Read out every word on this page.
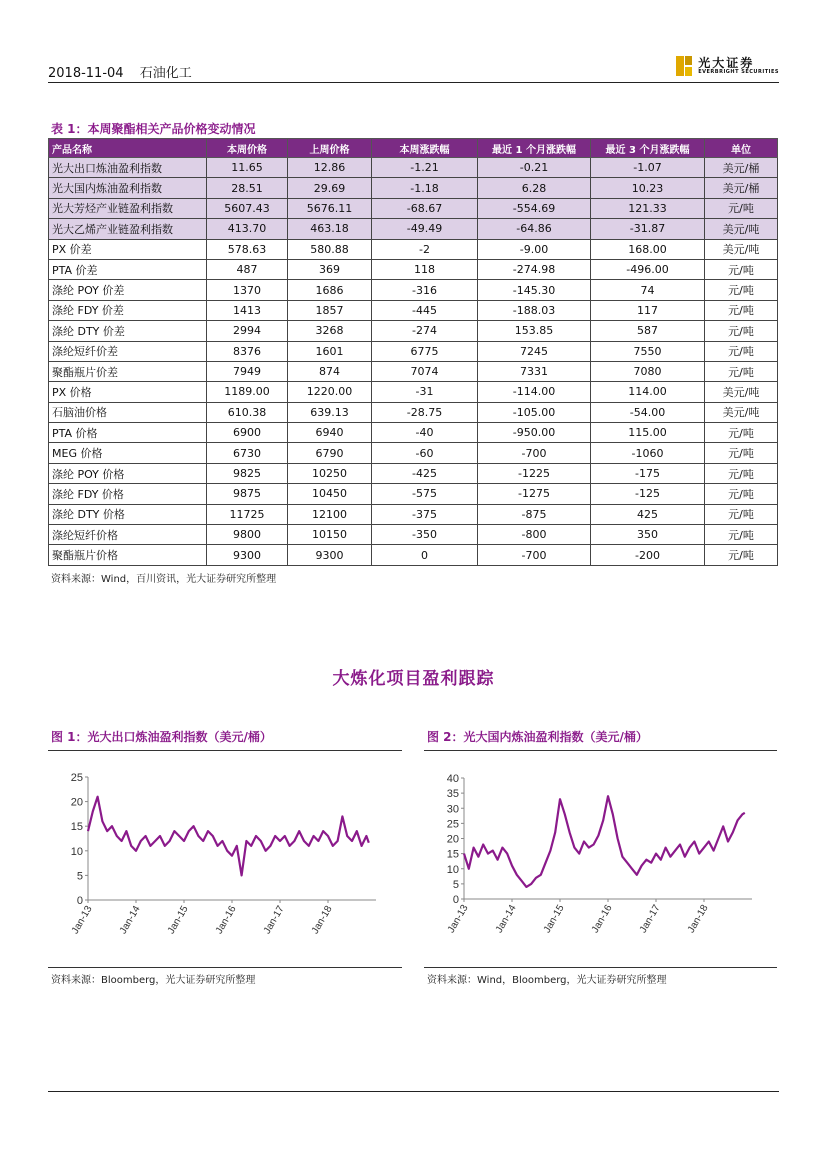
2018-11-04 石油化工
光大证券
EVERBRIGHT SECURITIES
表 1：本周聚酯相关产品价格变动情况
产品名称	本周价格	上周价格	本周涨跌幅	最近 1 个月涨跌幅	最近 3 个月涨跌幅	单位
光大出口炼油盈利指数	11.65	12.86	-1.21	-0.21	-1.07	美元/桶
光大国内炼油盈利指数	28.51	29.69	-1.18	6.28	10.23	美元/桶
光大芳烃产业链盈利指数	5607.43	5676.11	-68.67	-554.69	121.33	元/吨
光大乙烯产业链盈利指数	413.70	463.18	-49.49	-64.86	-31.87	美元/吨
PX 价差	578.63	580.88	-2	-9.00	168.00	美元/吨
PTA 价差	487	369	118	-274.98	-496.00	元/吨
涤纶 POY 价差	1370	1686	-316	-145.30	74	元/吨
涤纶 FDY 价差	1413	1857	-445	-188.03	117	元/吨
涤纶 DTY 价差	2994	3268	-274	153.85	587	元/吨
涤纶短纤价差	8376	1601	6775	7245	7550	元/吨
聚酯瓶片价差	7949	874	7074	7331	7080	元/吨
PX 价格	1189.00	1220.00	-31	-114.00	114.00	美元/吨
石脑油价格	610.38	639.13	-28.75	-105.00	-54.00	美元/吨
PTA 价格	6900	6940	-40	-950.00	115.00	元/吨
MEG 价格	6730	6790	-60	-700	-1060	元/吨
涤纶 POY 价格	9825	10250	-425	-1225	-175	元/吨
涤纶 FDY 价格	9875	10450	-575	-1275	-125	元/吨
涤纶 DTY 价格	11725	12100	-375	-875	425	元/吨
涤纶短纤价格	9800	10150	-350	-800	350	元/吨
聚酯瓶片价格	9300	9300	0	-700	-200	元/吨
资料来源：Wind，百川资讯，光大证券研究所整理
大炼化项目盈利跟踪
图 1：光大出口炼油盈利指数（美元/桶）	图 2：光大国内炼油盈利指数（美元/桶）
0
5
10
15
20
25
Jan-13 Jan-14 Jan-15 Jan-16 Jan-17 Jan-18
0
5
10
15
20
25
30
35
40
Jan-13 Jan-14 Jan-15 Jan-16 Jan-17 Jan-18
资料来源：Bloomberg，光大证券研究所整理	资料来源：Wind，Bloomberg，光大证券研究所整理
